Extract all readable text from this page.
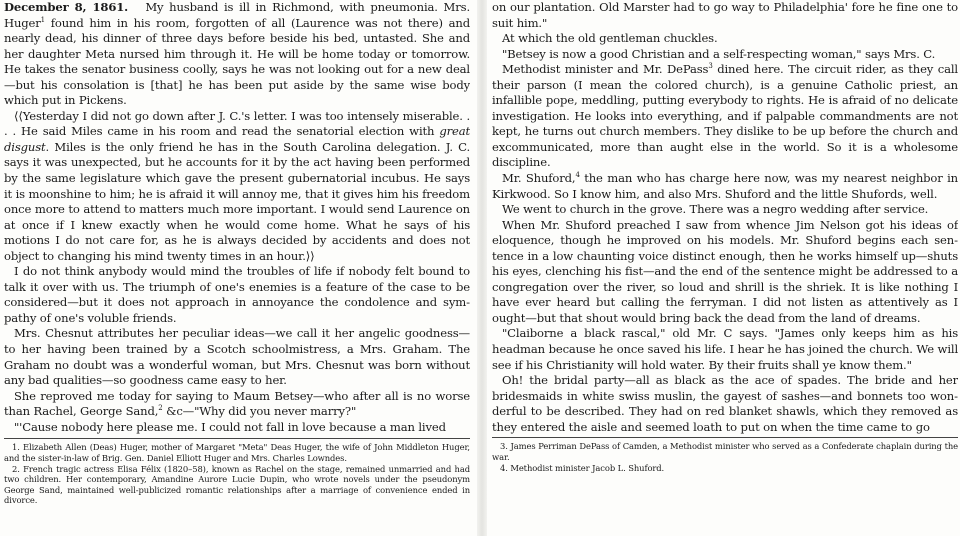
December 8, 1861. My husband is ill in Richmond, with pneumonia. Mrs. Huger$^1$ found him in his room, forgotten of all (Laurence was not there) and nearly dead, his dinner of three days before beside his bed, untasted. She and her daughter Meta nursed him through it. He will be home today or tomorrow. He takes the senator business coolly, says he was not looking out for a new deal—but his consolation is [that] he has been put aside by the same wise body which put in Pickens.

⟨⟨Yesterday I did not go down after J. C.'s letter. I was too intensely miserable. . . . He said Miles came in his room and read the senatorial election with great disgust. Miles is the only friend he has in the South Carolina delegation. J. C. says it was unexpected, but he accounts for it by the act having been performed by the same legislature which gave the present gubernatorial incubus. He says it is moonshine to him; he is afraid it will annoy me, that it gives him his freedom once more to attend to matters much more important. I would send Laurence on at once if I knew exactly when he would come home. What he says of his motions I do not care for, as he is always decided by accidents and does not object to changing his mind twenty times in an hour.⟩⟩

I do not think anybody would mind the troubles of life if nobody felt bound to talk it over with us. The triumph of one's enemies is a feature of the case to be considered—but it does not approach in annoyance the condolence and sympathy of one's voluble friends.

Mrs. Chesnut attributes her peculiar ideas—we call it her angelic goodness—to her having been trained by a Scotch schoolmistress, a Mrs. Graham. The Graham no doubt was a wonderful woman, but Mrs. Chesnut was born without any bad qualities—so goodness came easy to her.

She reproved me today for saying to Maum Betsey—who after all is no worse than Rachel, George Sand,$^2$ &c—"Why did you never marry?"

"'Cause nobody here please me. I could not fall in love because a man lived

1. Elizabeth Allen (Deas) Huger, mother of Margaret "Meta" Deas Huger, the wife of John Middleton Huger, and the sister-in-law of Brig. Gen. Daniel Elliott Huger and Mrs. Charles Lowndes.

2. French tragic actress Elisa Félix (1820–58), known as Rachel on the stage, remained unmarried and had two children. Her contemporary, Amandine Aurore Lucie Dupin, who wrote novels under the pseudonym George Sand, maintained well-publicized romantic relationships after a marriage of convenience ended in divorce.

on our plantation. Old Marster had to go way to Philadelphia' fore he fine one to suit him."

At which the old gentleman chuckles.

"Betsey is now a good Christian and a self-respecting woman," says Mrs. C.

Methodist minister and Mr. DePass$^3$ dined here. The circuit rider, as they call their parson (I mean the colored church), is a genuine Catholic priest, an infallible pope, meddling, putting everybody to rights. He is afraid of no delicate investigation. He looks into everything, and if palpable commandments are not kept, he turns out church members. They dislike to be up before the church and excommunicated, more than aught else in the world. So it is a wholesome discipline.

Mr. Shuford,$^4$ the man who has charge here now, was my nearest neighbor in Kirkwood. So I know him, and also Mrs. Shuford and the little Shufords, well.

We went to church in the grove. There was a negro wedding after service.

When Mr. Shuford preached I saw from whence Jim Nelson got his ideas of eloquence, though he improved on his models. Mr. Shuford begins each sentence in a low chaunting voice distinct enough, then he works himself up—shuts his eyes, clenching his fist—and the end of the sentence might be addressed to a congregation over the river, so loud and shrill is the shriek. It is like nothing I have ever heard but calling the ferryman. I did not listen as attentively as I ought—but that shout would bring back the dead from the land of dreams.

"Claiborne a black rascal," old Mr. C says. "James only keeps him as his headman because he once saved his life. I hear he has joined the church. We will see if his Christianity will hold water. By their fruits shall ye know them."

Oh! the bridal party—all as black as the ace of spades. The bride and her bridesmaids in white swiss muslin, the gayest of sashes—and bonnets too wonderful to be described. They had on red blanket shawls, which they removed as they entered the aisle and seemed loath to put on when the time came to go

3. James Perriman DePass of Camden, a Methodist minister who served as a Confederate chaplain during the war.

4. Methodist minister Jacob L. Shuford.
